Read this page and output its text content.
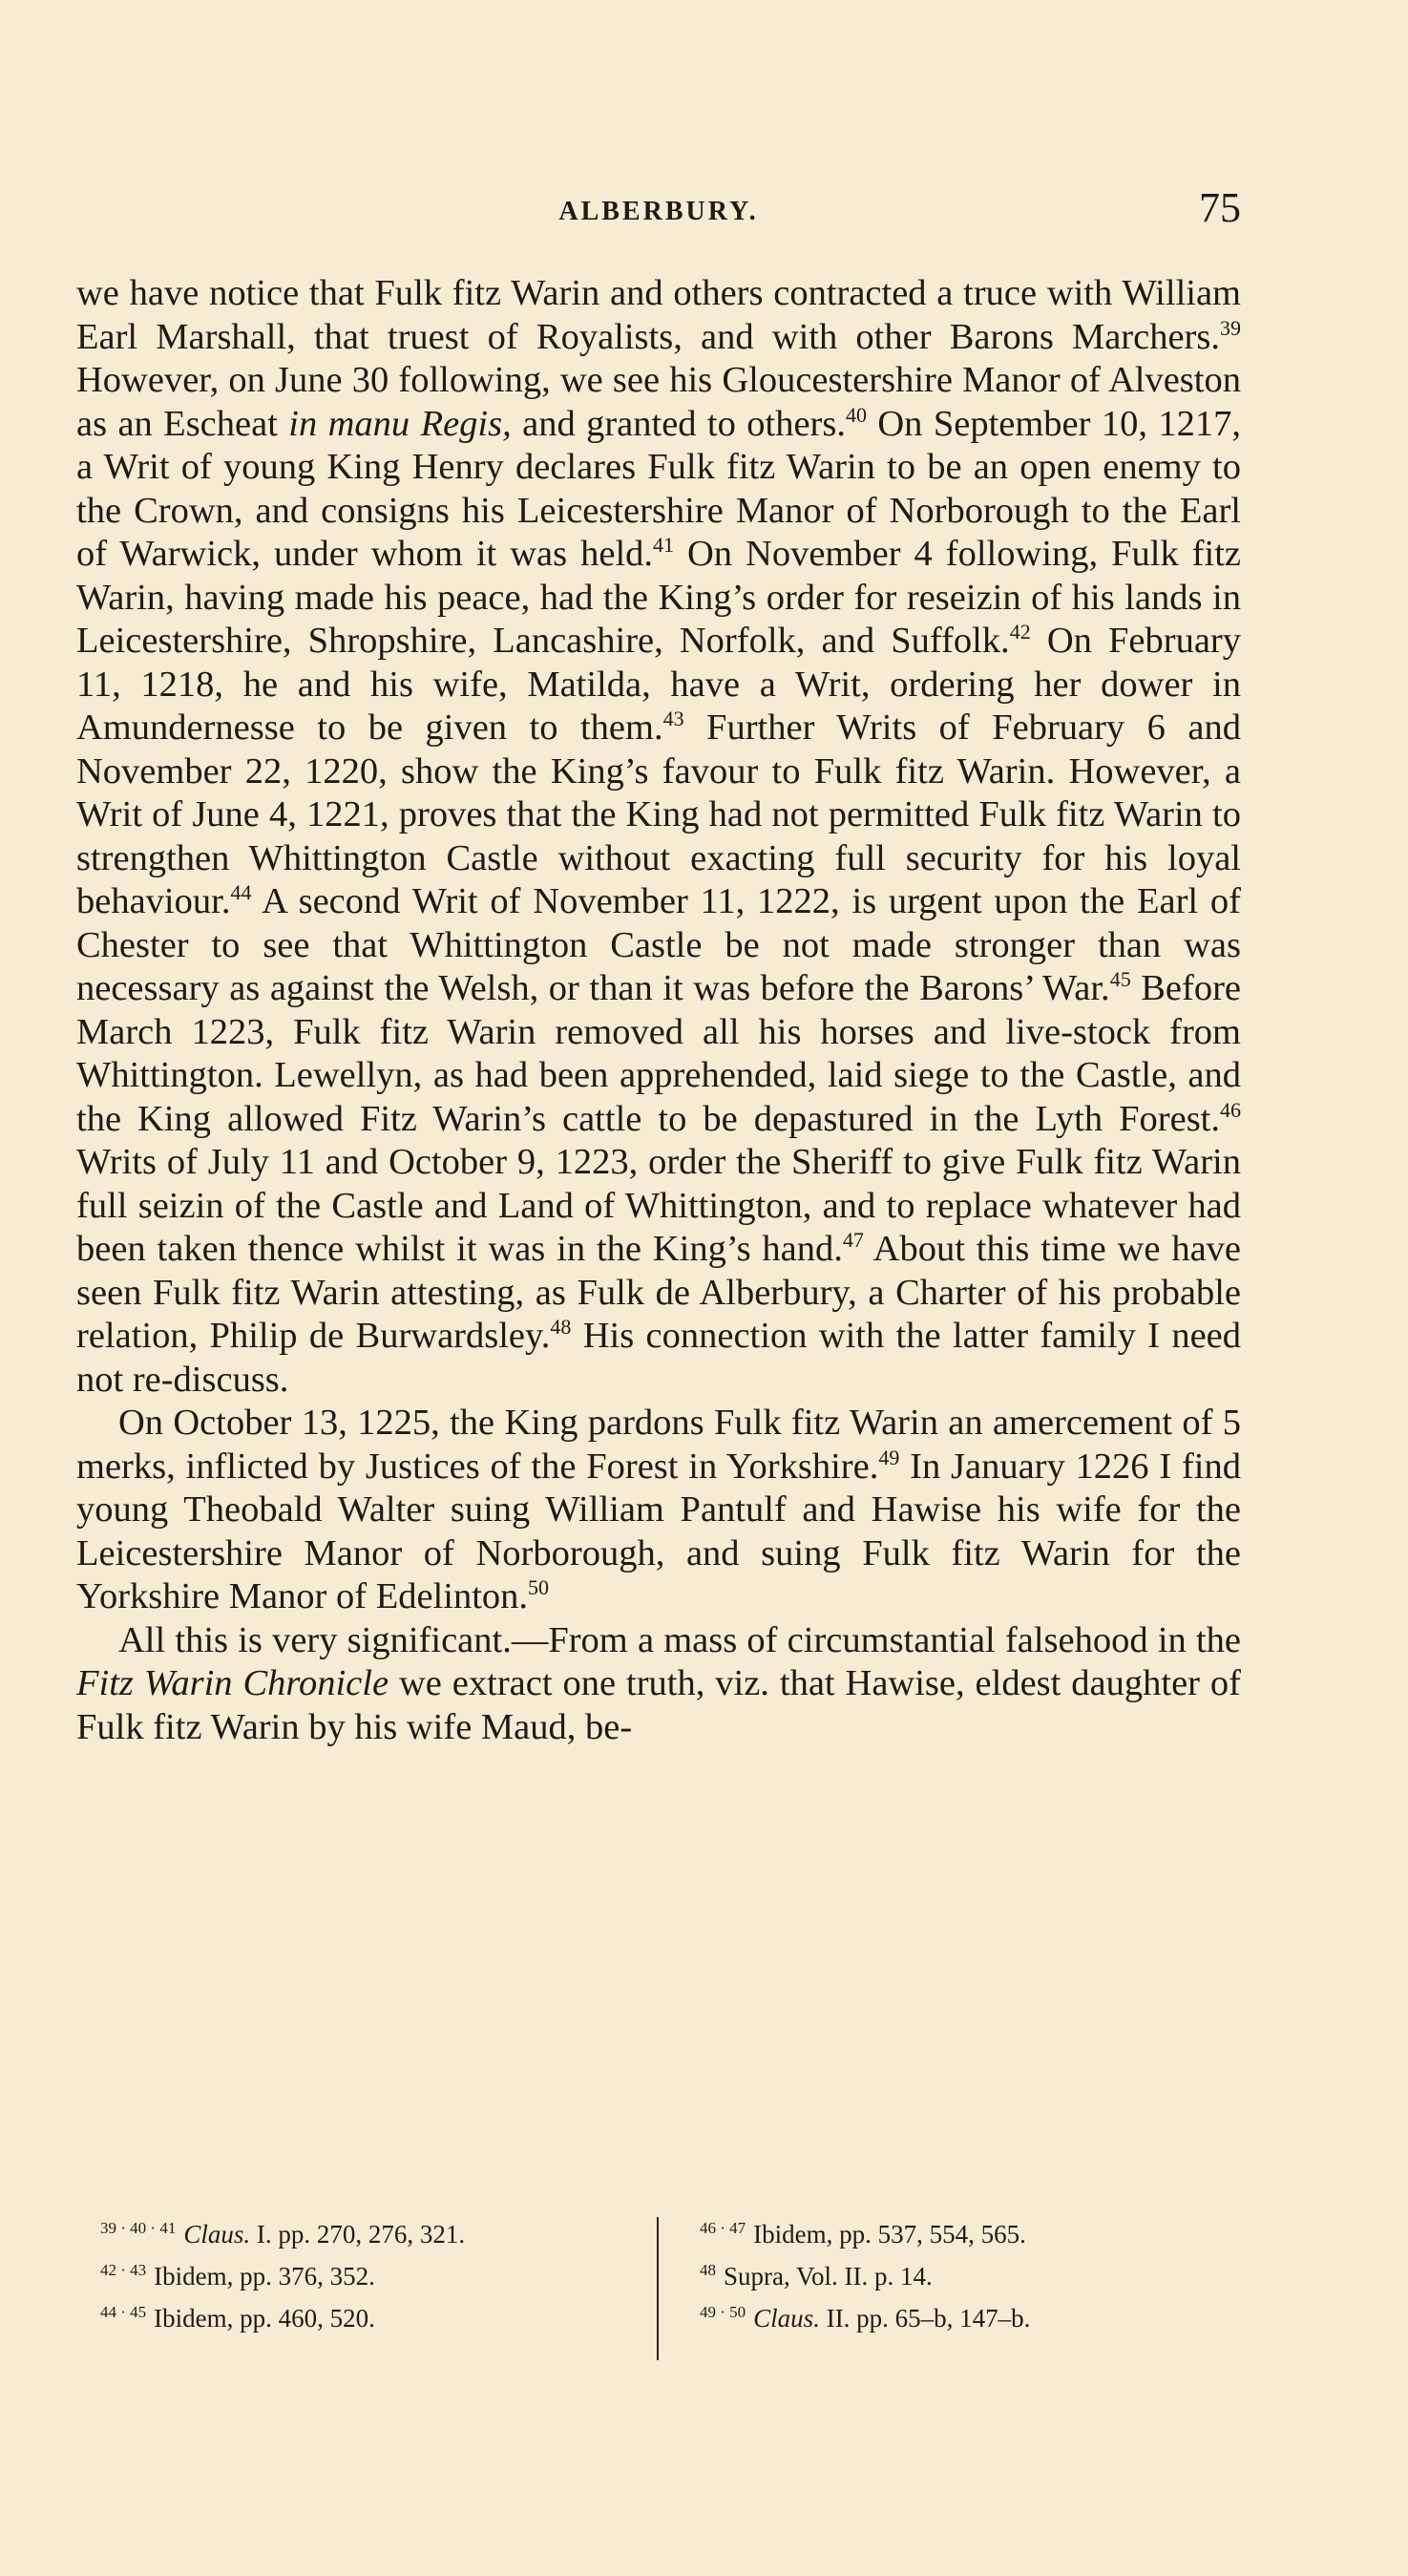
ALBERBURY.	75

we have notice that Fulk fitz Warin and others contracted a truce with William Earl Marshall, that truest of Royalists, and with other Barons Marchers.$^{39}$ However, on June 30 following, we see his Gloucestershire Manor of Alveston as an Escheat in manu Regis, and granted to others.$^{40}$ On September 10, 1217, a Writ of young King Henry declares Fulk fitz Warin to be an open enemy to the Crown, and consigns his Leicestershire Manor of Norborough to the Earl of Warwick, under whom it was held.$^{41}$ On November 4 following, Fulk fitz Warin, having made his peace, had the King’s order for reseizin of his lands in Leicestershire, Shropshire, Lancashire, Norfolk, and Suffolk.$^{42}$ On February 11, 1218, he and his wife, Matilda, have a Writ, ordering her dower in Amundernesse to be given to them.$^{43}$ Further Writs of February 6 and November 22, 1220, show the King’s favour to Fulk fitz Warin. However, a Writ of June 4, 1221, proves that the King had not permitted Fulk fitz Warin to strengthen Whittington Castle without exacting full security for his loyal behaviour.$^{44}$ A second Writ of November 11, 1222, is urgent upon the Earl of Chester to see that Whittington Castle be not made stronger than was necessary as against the Welsh, or than it was before the Barons’ War.$^{45}$ Before March 1223, Fulk fitz Warin removed all his horses and live-stock from Whittington. Lewellyn, as had been apprehended, laid siege to the Castle, and the King allowed Fitz Warin’s cattle to be depastured in the Lyth Forest.$^{46}$ Writs of July 11 and October 9, 1223, order the Sheriff to give Fulk fitz Warin full seizin of the Castle and Land of Whittington, and to replace whatever had been taken thence whilst it was in the King’s hand.$^{47}$ About this time we have seen Fulk fitz Warin attesting, as Fulk de Alberbury, a Charter of his probable relation, Philip de Burwardsley.$^{48}$ His connection with the latter family I need not re-discuss.

On October 13, 1225, the King pardons Fulk fitz Warin an amercement of 5 merks, inflicted by Justices of the Forest in Yorkshire.$^{49}$ In January 1226 I find young Theobald Walter suing William Pantulf and Hawise his wife for the Leicestershire Manor of Norborough, and suing Fulk fitz Warin for the Yorkshire Manor of Edelinton.$^{50}$

All this is very significant.—From a mass of circumstantial falsehood in the Fitz Warin Chronicle we extract one truth, viz. that Hawise, eldest daughter of Fulk fitz Warin by his wife Maud, be-

$^{39 \cdot 40 \cdot 41}$ Claus. I. pp. 270, 276, 321.
$^{42 \cdot 43}$ Ibidem, pp. 376, 352.
$^{44 \cdot 45}$ Ibidem, pp. 460, 520.
$^{46 \cdot 47}$ Ibidem, pp. 537, 554, 565.
$^{48}$ Supra, Vol. II. p. 14.
$^{49 \cdot 50}$ Claus. II. pp. 65–b, 147–b.
